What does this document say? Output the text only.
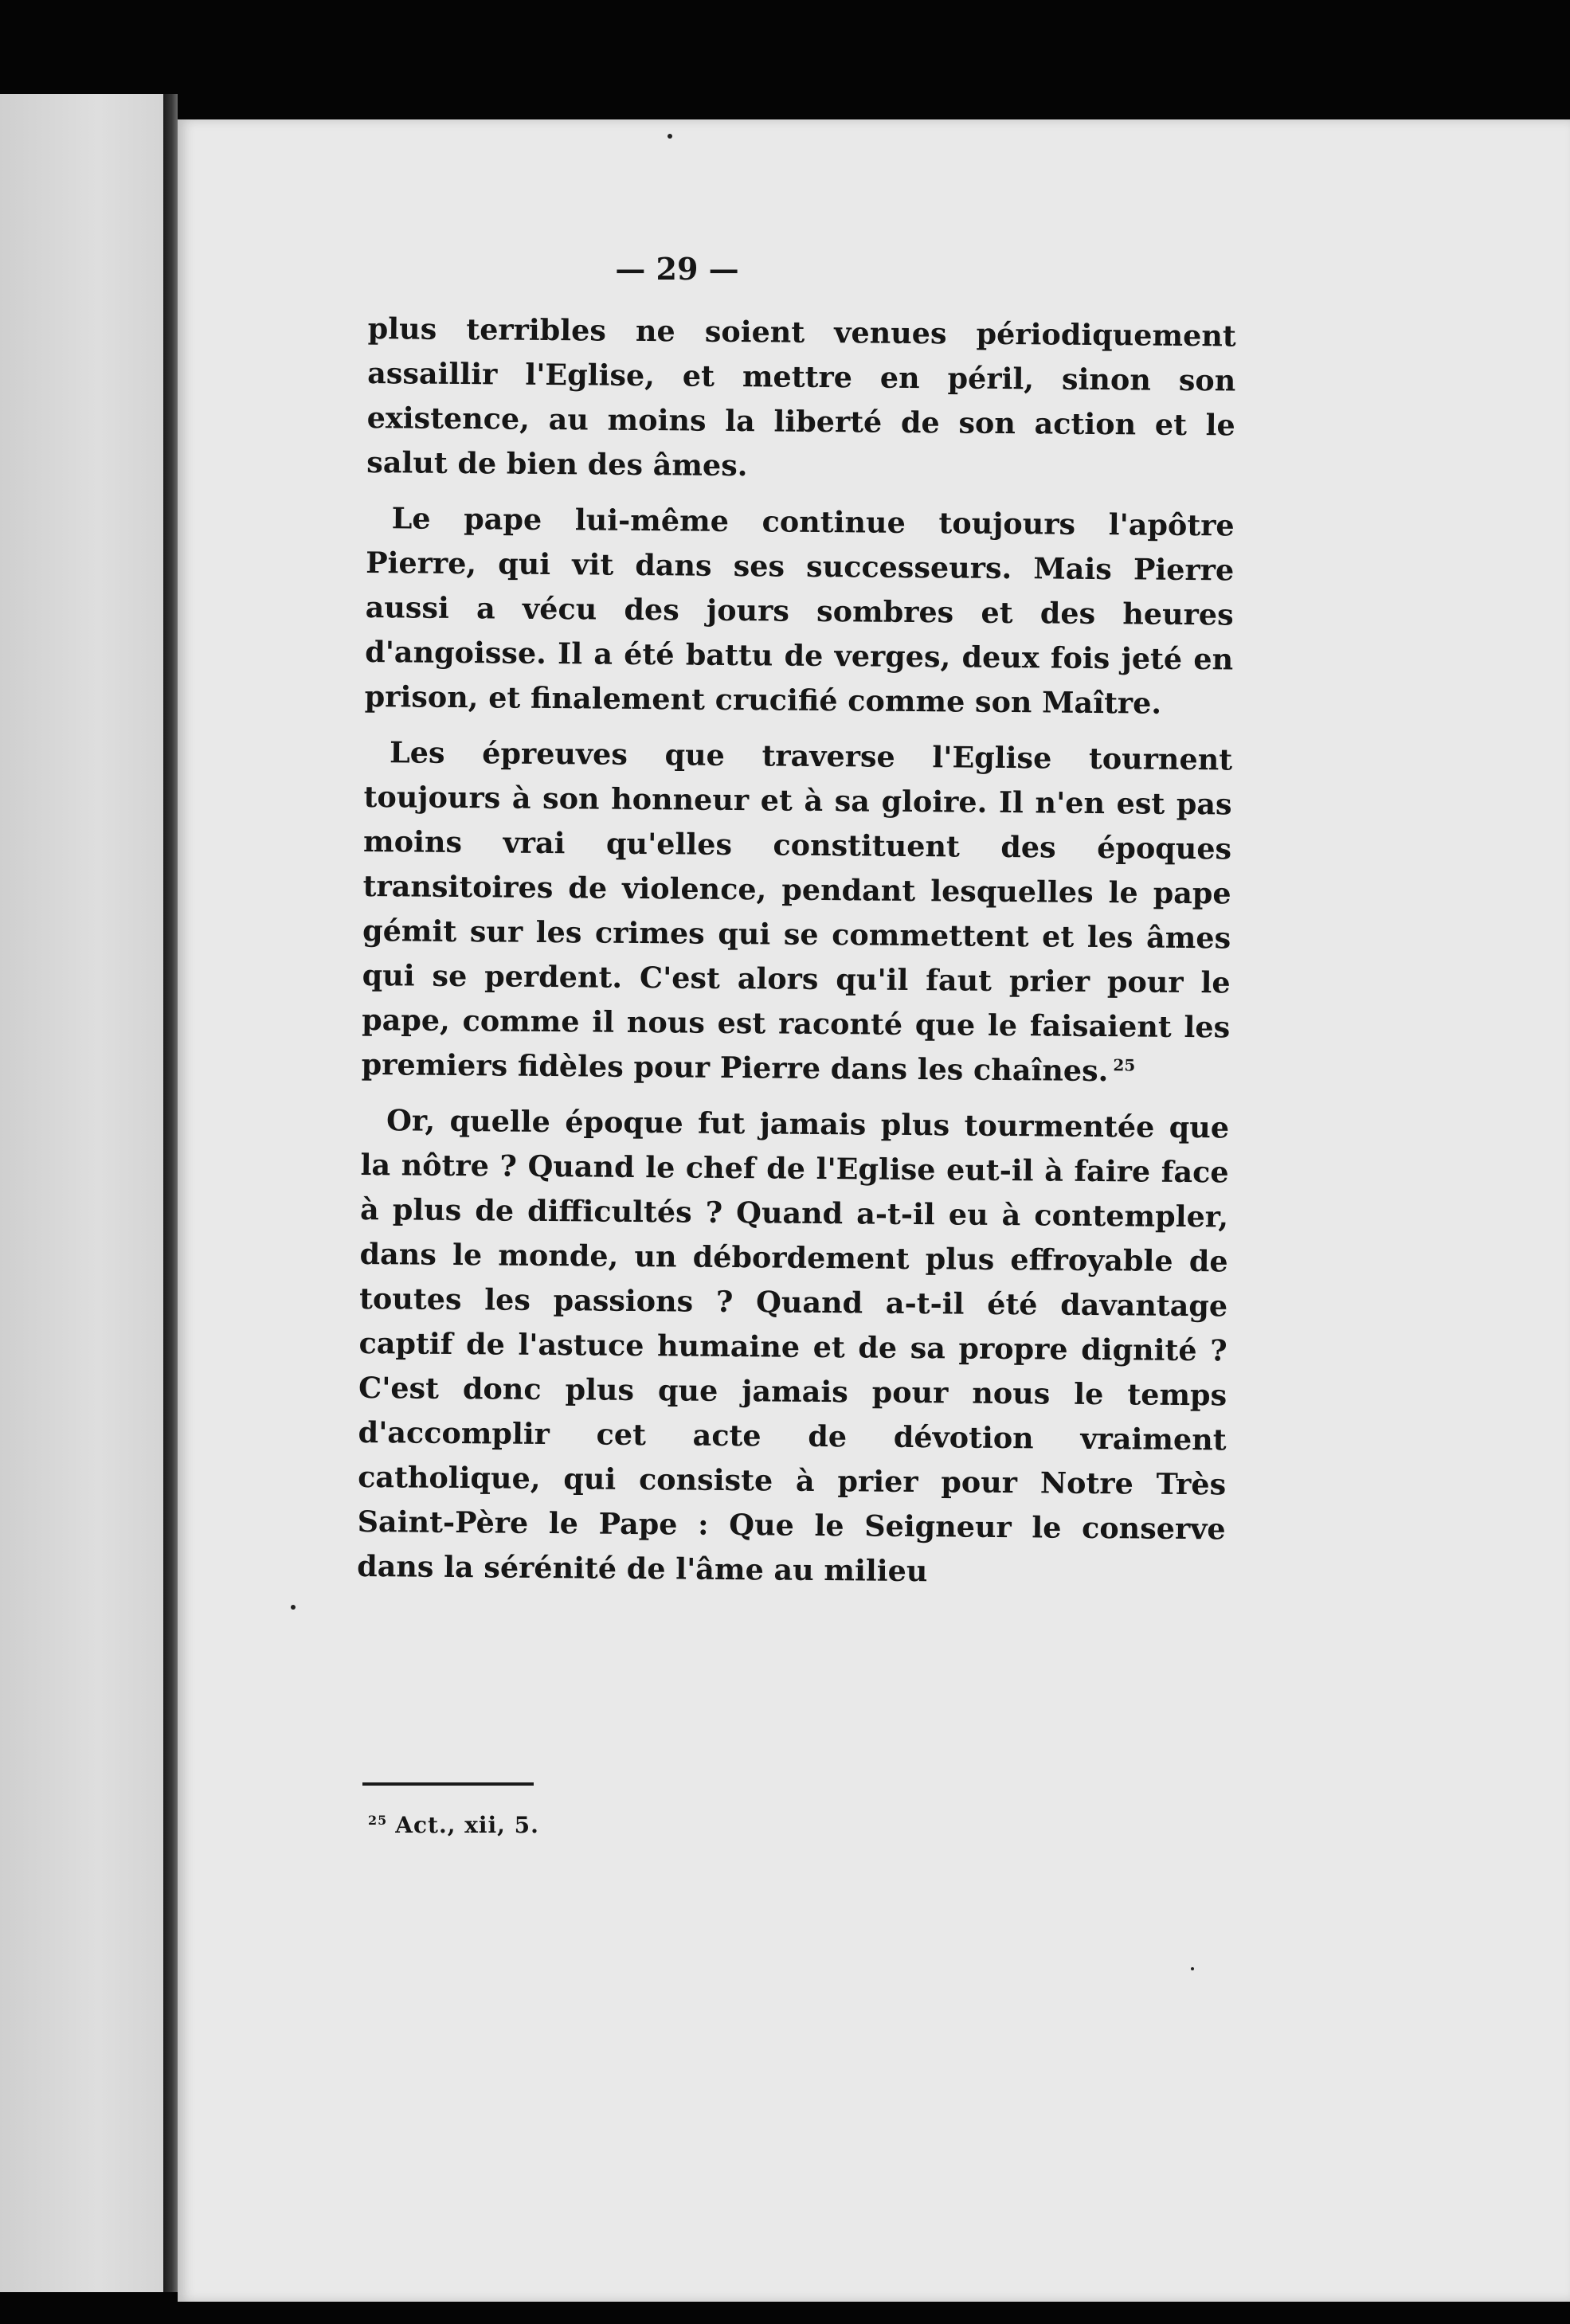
— 29 —

plus terribles ne soient venues périodiquement assaillir l'Eglise, et mettre en péril, sinon son existence, au moins la liberté de son action et le salut de bien des âmes.

Le pape lui-même continue toujours l'apôtre Pierre, qui vit dans ses successeurs. Mais Pierre aussi a vécu des jours sombres et des heures d'angoisse. Il a été battu de verges, deux fois jeté en prison, et finalement crucifié comme son Maître.

Les épreuves que traverse l'Eglise tournent toujours à son honneur et à sa gloire. Il n'en est pas moins vrai qu'elles constituent des époques transitoires de violence, pendant lesquelles le pape gémit sur les crimes qui se commettent et les âmes qui se perdent. C'est alors qu'il faut prier pour le pape, comme il nous est raconté que le faisaient les premiers fidèles pour Pierre dans les chaînes. $^{25}$

Or, quelle époque fut jamais plus tourmentée que la nôtre ? Quand le chef de l'Eglise eut-il à faire face à plus de difficultés ? Quand a-t-il eu à contempler, dans le monde, un débordement plus effroyable de toutes les passions ? Quand a-t-il été davantage captif de l'astuce humaine et de sa propre dignité ? C'est donc plus que jamais pour nous le temps d'accomplir cet acte de dévotion vraiment catholique, qui consiste à prier pour Notre Très Saint-Père le Pape : Que le Seigneur le conserve dans la sérénité de l'âme au milieu

$^{25}$ Act., xii, 5.
